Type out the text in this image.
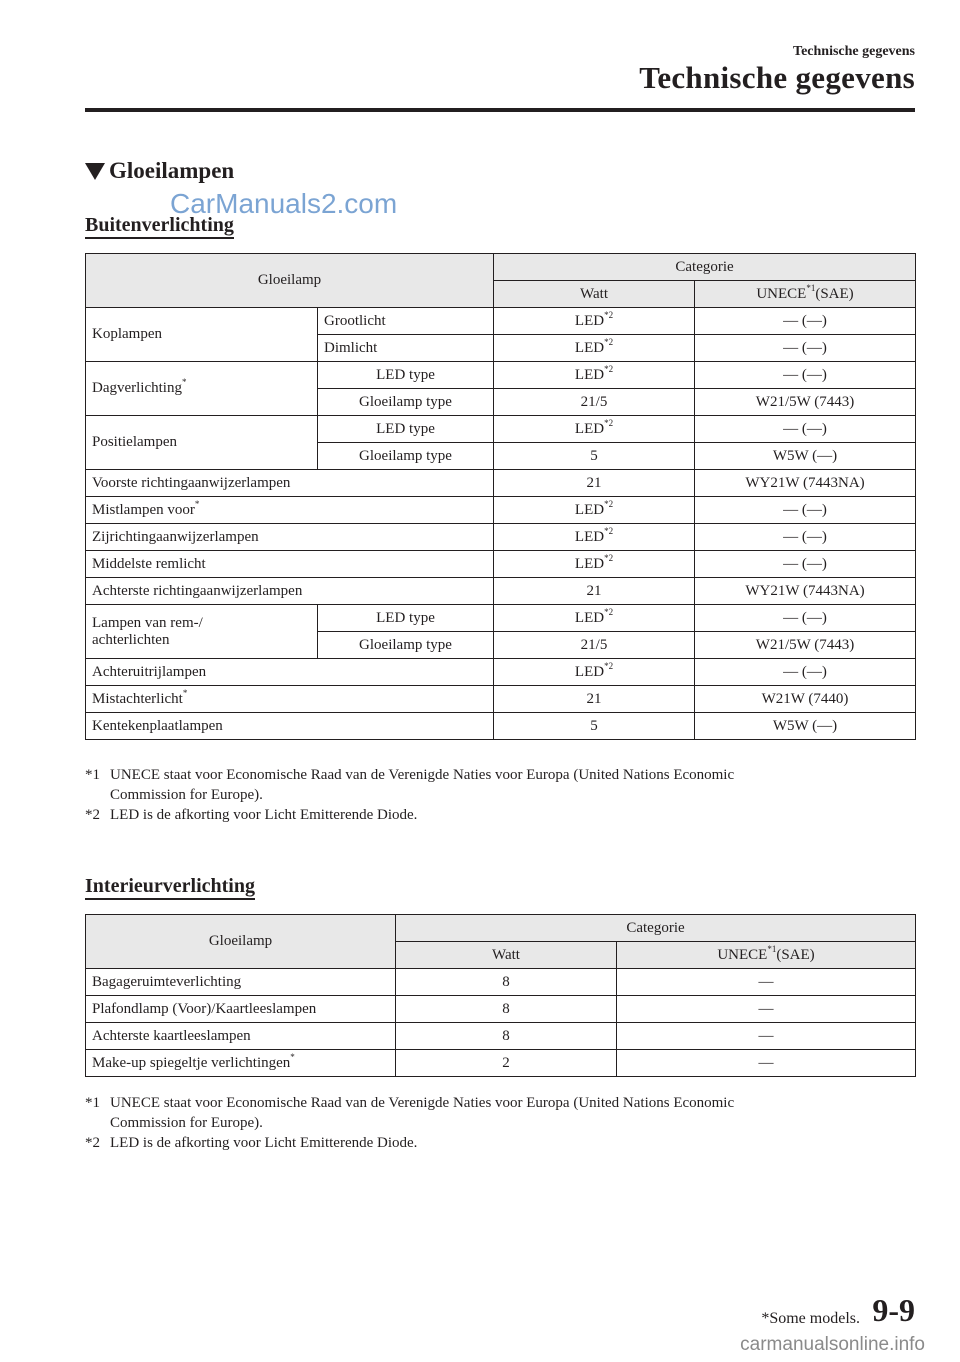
Technische gegevens
Technische gegevens
Gloeilampen
CarManuals2.com
Buitenverlichting
Gloeilamp		Categorie	
		Watt	UNECE$^{*1}$(SAE)
Koplampen	Grootlicht	LED$^{*2}$	— (—)
	Dimlicht	LED$^{*2}$	— (—)
Dagverlichting*	LED type	LED$^{*2}$	— (—)
	Gloeilamp type	21/5	W21/5W (7443)
Positielampen	LED type	LED$^{*2}$	— (—)
	Gloeilamp type	5	W5W (—)
Voorste richtingaanwijzerlampen		21	WY21W (7443NA)
Mistlampen voor*		LED$^{*2}$	— (—)
Zijrichtingaanwijzerlampen		LED$^{*2}$	— (—)
Middelste remlicht		LED$^{*2}$	— (—)
Achterste richtingaanwijzerlampen		21	WY21W (7443NA)
Lampen van rem-/
achterlichten	LED type	LED$^{*2}$	— (—)
	Gloeilamp type	21/5	W21/5W (7443)
Achteruitrijlampen		LED$^{*2}$	— (—)
Mistachterlicht*		21	W21W (7440)
Kentekenplaatlampen		5	W5W (—)
*1 UNECE staat voor Economische Raad van de Verenigde Naties voor Europa (United Nations Economic
Commission for Europe).
*2 LED is de afkorting voor Licht Emitterende Diode.
Interieurverlichting
Gloeilamp	Categorie	
	Watt	UNECE$^{*1}$(SAE)
Bagageruimteverlichting	8	—
Plafondlamp (Voor)/Kaartleeslampen	8	—
Achterste kaartleeslampen	8	—
Make-up spiegeltje verlichtingen*	2	—
*1 UNECE staat voor Economische Raad van de Verenigde Naties voor Europa (United Nations Economic
Commission for Europe).
*2 LED is de afkorting voor Licht Emitterende Diode.
*Some models. 9-9
carmanualsonline.info
